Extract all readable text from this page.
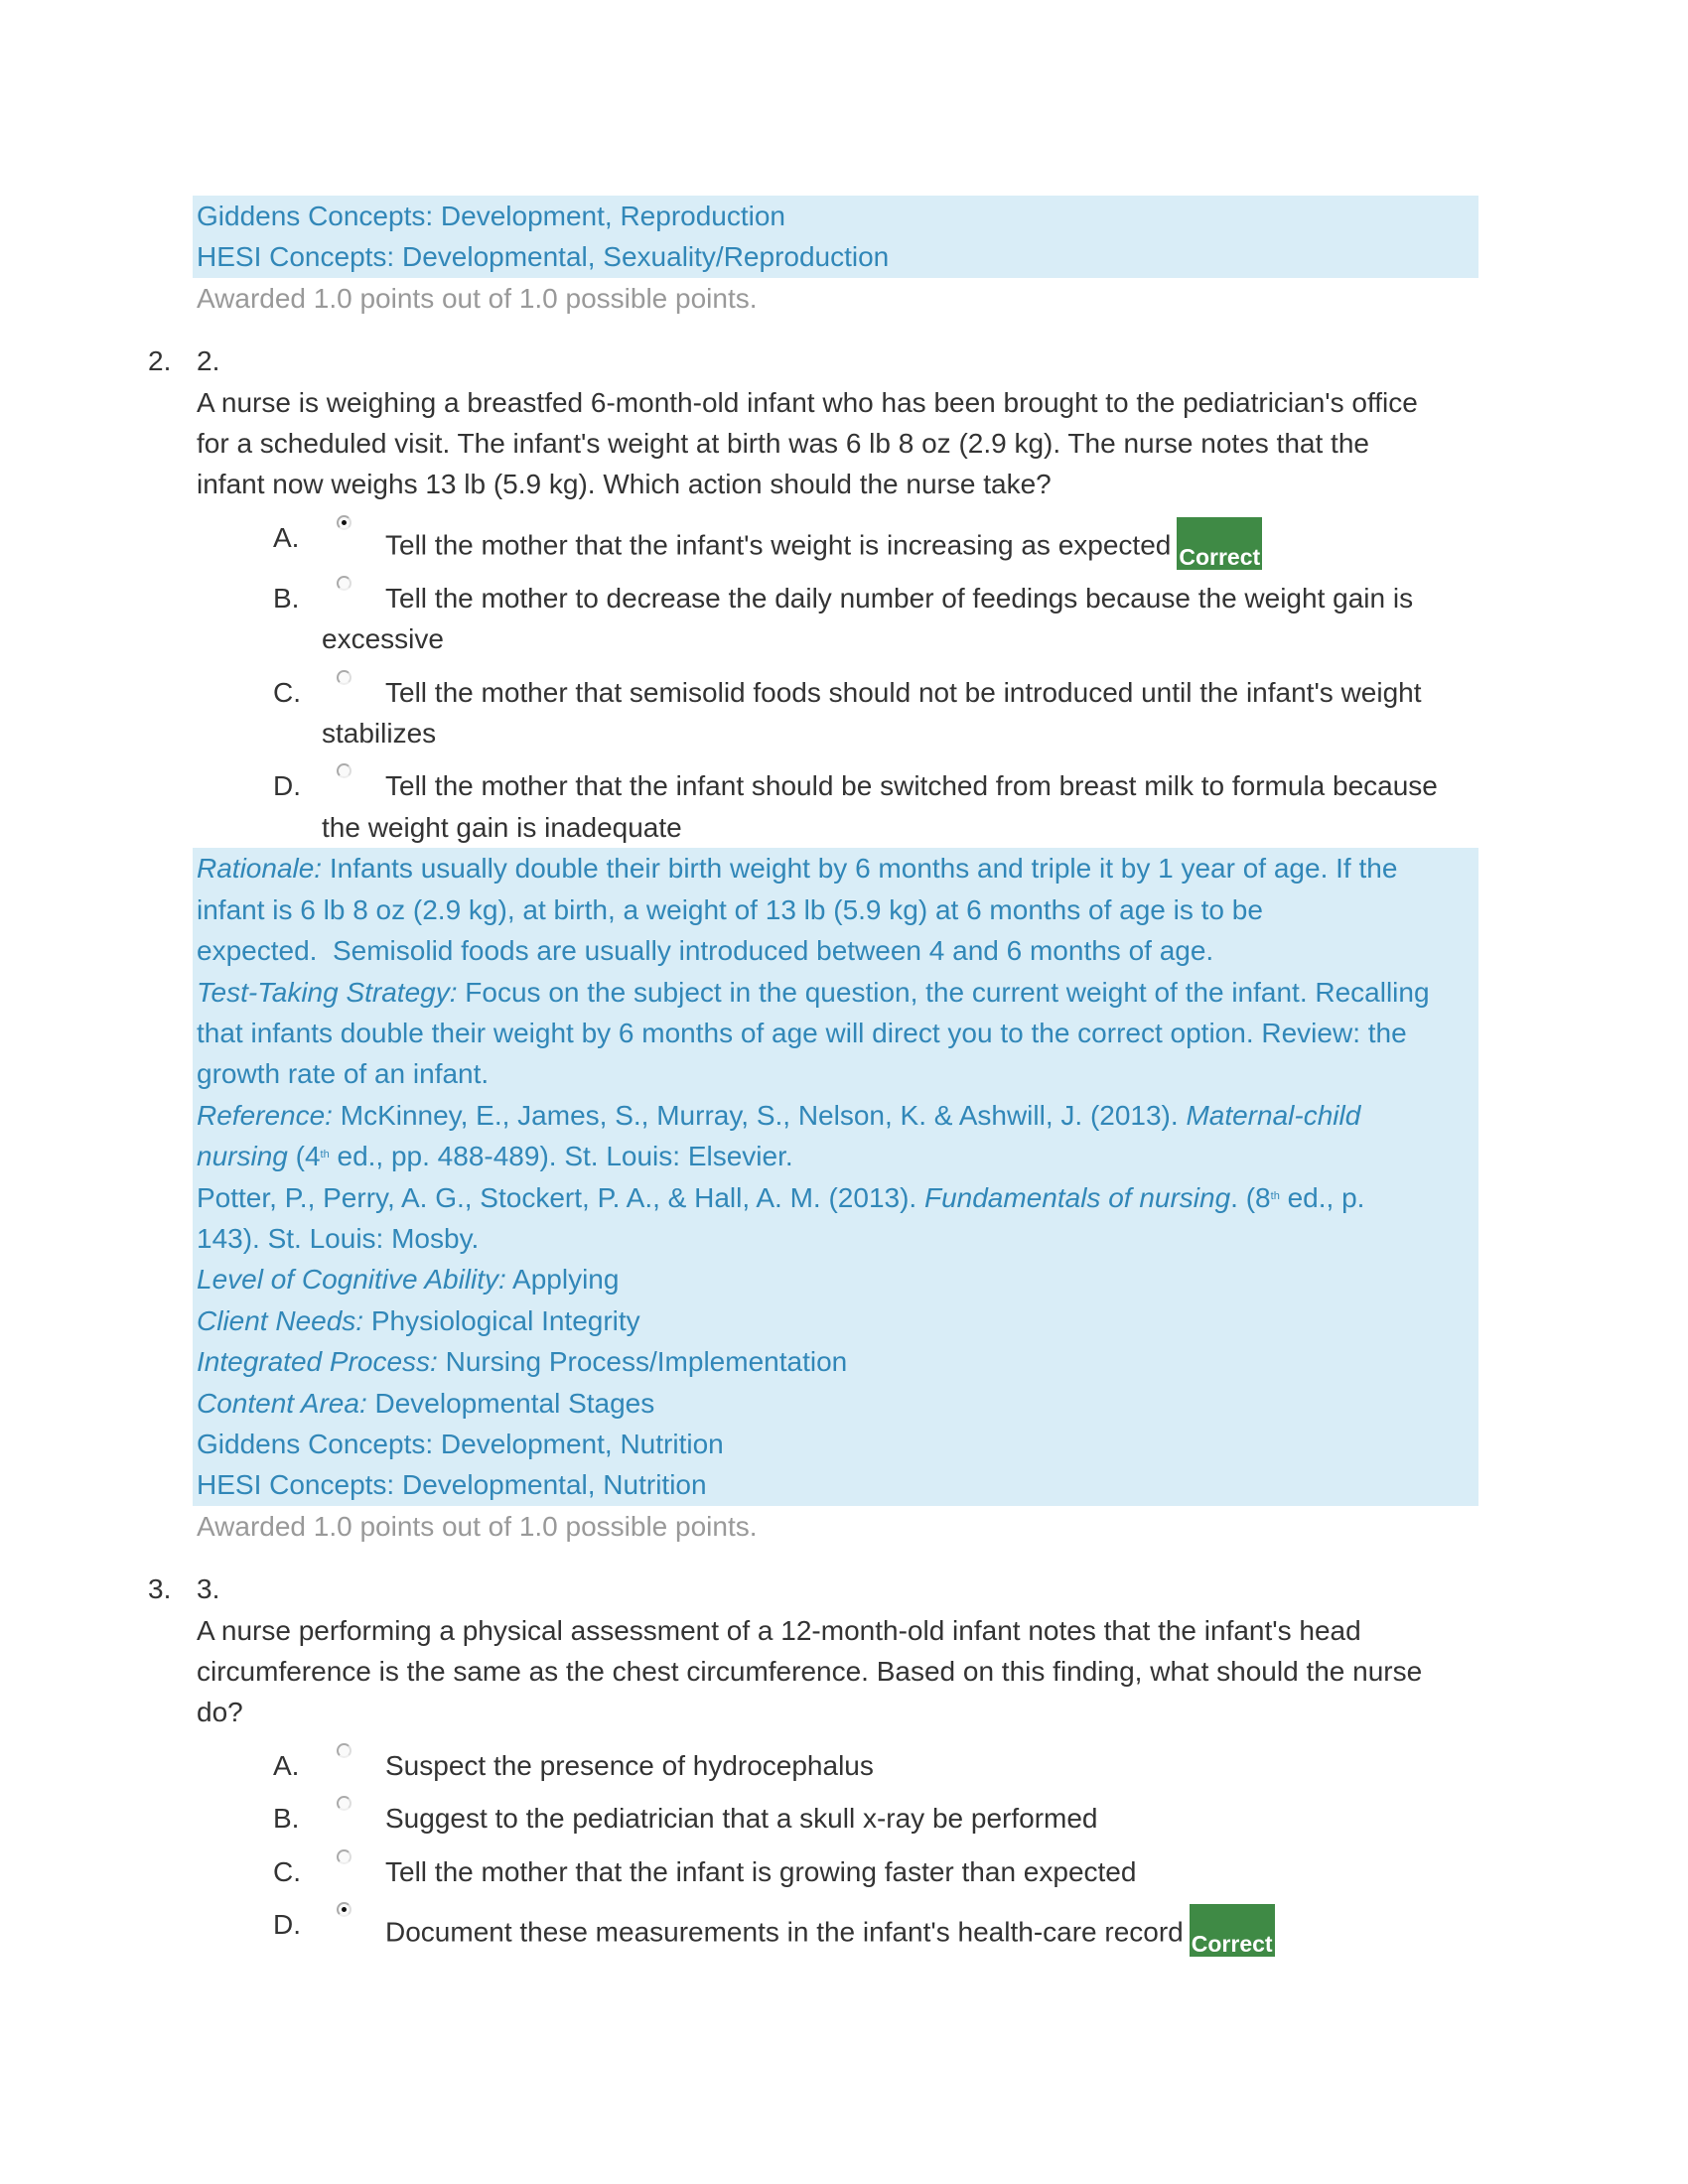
Giddens Concepts: Development, Reproduction
HESI Concepts: Developmental, Sexuality/Reproduction
Awarded 1.0 points out of 1.0 possible points.
2. 2.
A nurse is weighing a breastfed 6-month-old infant who has been brought to the pediatrician's office
for a scheduled visit. The infant's weight at birth was 6 lb 8 oz (2.9 kg). The nurse notes that the
infant now weighs 13 lb (5.9 kg). Which action should the nurse take?
A.	Tell the mother that the infant's weight is increasing as expected Correct
B.	Tell the mother to decrease the daily number of feedings because the weight gain is
excessive
C.	Tell the mother that semisolid foods should not be introduced until the infant's weight
stabilizes
D.	Tell the mother that the infant should be switched from breast milk to formula because
the weight gain is inadequate
Rationale: Infants usually double their birth weight by 6 months and triple it by 1 year of age. If the
infant is 6 lb 8 oz (2.9 kg), at birth, a weight of 13 lb (5.9 kg) at 6 months of age is to be
expected.  Semisolid foods are usually introduced between 4 and 6 months of age.
Test-Taking Strategy: Focus on the subject in the question, the current weight of the infant. Recalling
that infants double their weight by 6 months of age will direct you to the correct option. Review: the
growth rate of an infant.
Reference: McKinney, E., James, S., Murray, S., Nelson, K. & Ashwill, J. (2013). Maternal-child
nursing (4th ed., pp. 488-489). St. Louis: Elsevier.
Potter, P., Perry, A. G., Stockert, P. A., & Hall, A. M. (2013). Fundamentals of nursing. (8th ed., p.
143). St. Louis: Mosby.
Level of Cognitive Ability: Applying
Client Needs: Physiological Integrity
Integrated Process: Nursing Process/Implementation
Content Area: Developmental Stages
Giddens Concepts: Development, Nutrition
HESI Concepts: Developmental, Nutrition
Awarded 1.0 points out of 1.0 possible points.
3. 3.
A nurse performing a physical assessment of a 12-month-old infant notes that the infant's head
circumference is the same as the chest circumference. Based on this finding, what should the nurse
do?
A.	Suspect the presence of hydrocephalus
B.	Suggest to the pediatrician that a skull x-ray be performed
C.	Tell the mother that the infant is growing faster than expected
D.	Document these measurements in the infant's health-care record Correct
